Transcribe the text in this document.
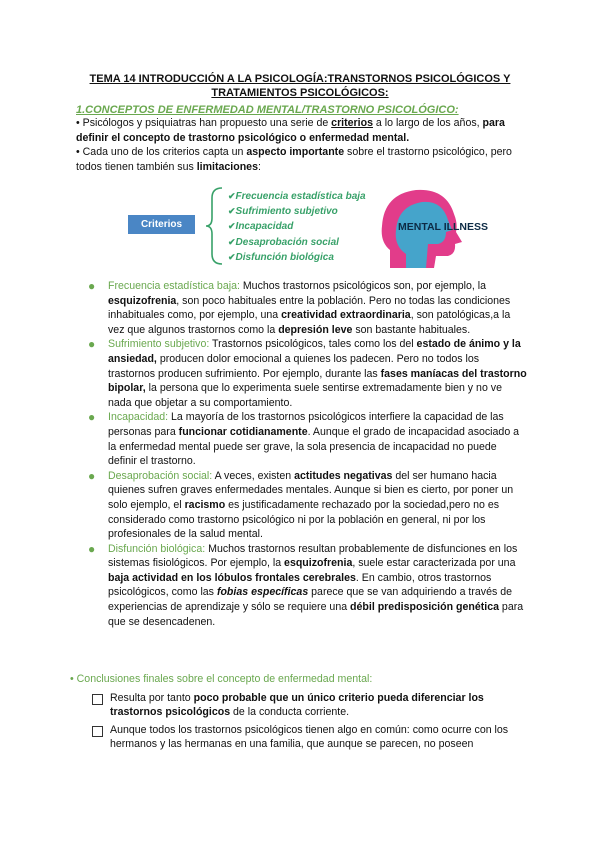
TEMA 14 INTRODUCCIÓN A LA PSICOLOGÍA:TRANSTORNOS PSICOLÓGICOS Y
TRATAMIENTOS PSICOLÓGICOS:
1.CONCEPTOS DE ENFERMEDAD MENTAL/TRASTORNO PSICOLÓGICO:
• Psicólogos y psiquiatras han propuesto una serie de criterios a lo largo de los años, para definir el concepto de trastorno psicológico o enfermedad mental.
• Cada uno de los criterios capta un aspecto importante sobre el trastorno psicológico, pero todos tienen también sus limitaciones:
Criterios
✔ Frecuencia estadística baja
✔ Sufrimiento subjetivo
✔ Incapacidad
✔ Desaprobación social
✔ Disfunción biológica
MENTAL ILLNESS

● Frecuencia estadística baja: Muchos trastornos psicológicos son, por ejemplo, la esquizofrenia, son poco habituales entre la población. Pero no todas las condiciones inhabituales como, por ejemplo, una creatividad extraordinaria, son patológicas,a la vez que algunos trastornos como la depresión leve son bastante habituales.

● Sufrimiento subjetivo: Trastornos psicológicos, tales como los del estado de ánimo y la ansiedad, producen dolor emocional a quienes los padecen. Pero no todos los trastornos producen sufrimiento. Por ejemplo, durante las fases maníacas del trastorno bipolar, la persona que lo experimenta suele sentirse extremadamente bien y no ve nada que objetar a su comportamiento.

● Incapacidad: La mayoría de los trastornos psicológicos interfiere la capacidad de las personas para funcionar cotidianamente. Aunque el grado de incapacidad asociado a la enfermedad mental puede ser grave, la sola presencia de incapacidad no puede definir el trastorno.

● Desaprobación social: A veces, existen actitudes negativas del ser humano hacia quienes sufren graves enfermedades mentales. Aunque si bien es cierto, por poner un solo ejemplo, el racismo es justificadamente rechazado por la sociedad,pero no es considerado como trastorno psicológico ni por la población en general, ni por los profesionales de la salud mental.

● Disfunción biológica: Muchos trastornos resultan probablemente de disfunciones en los sistemas fisiológicos. Por ejemplo, la esquizofrenia, suele estar caracterizada por una baja actividad en los lóbulos frontales cerebrales. En cambio, otros trastornos psicológicos, como las fobias específicas parece que se van adquiriendo a través de experiencias de aprendizaje y sólo se requiere una débil predisposición genética para que se desencadenen.

• Conclusiones finales sobre el concepto de enfermedad mental:
Resulta por tanto poco probable que un único criterio pueda diferenciar los trastornos psicológicos de la conducta corriente.
Aunque todos los trastornos psicológicos tienen algo en común: como ocurre con los hermanos y las hermanas en una familia, que aunque se parecen, no poseen
